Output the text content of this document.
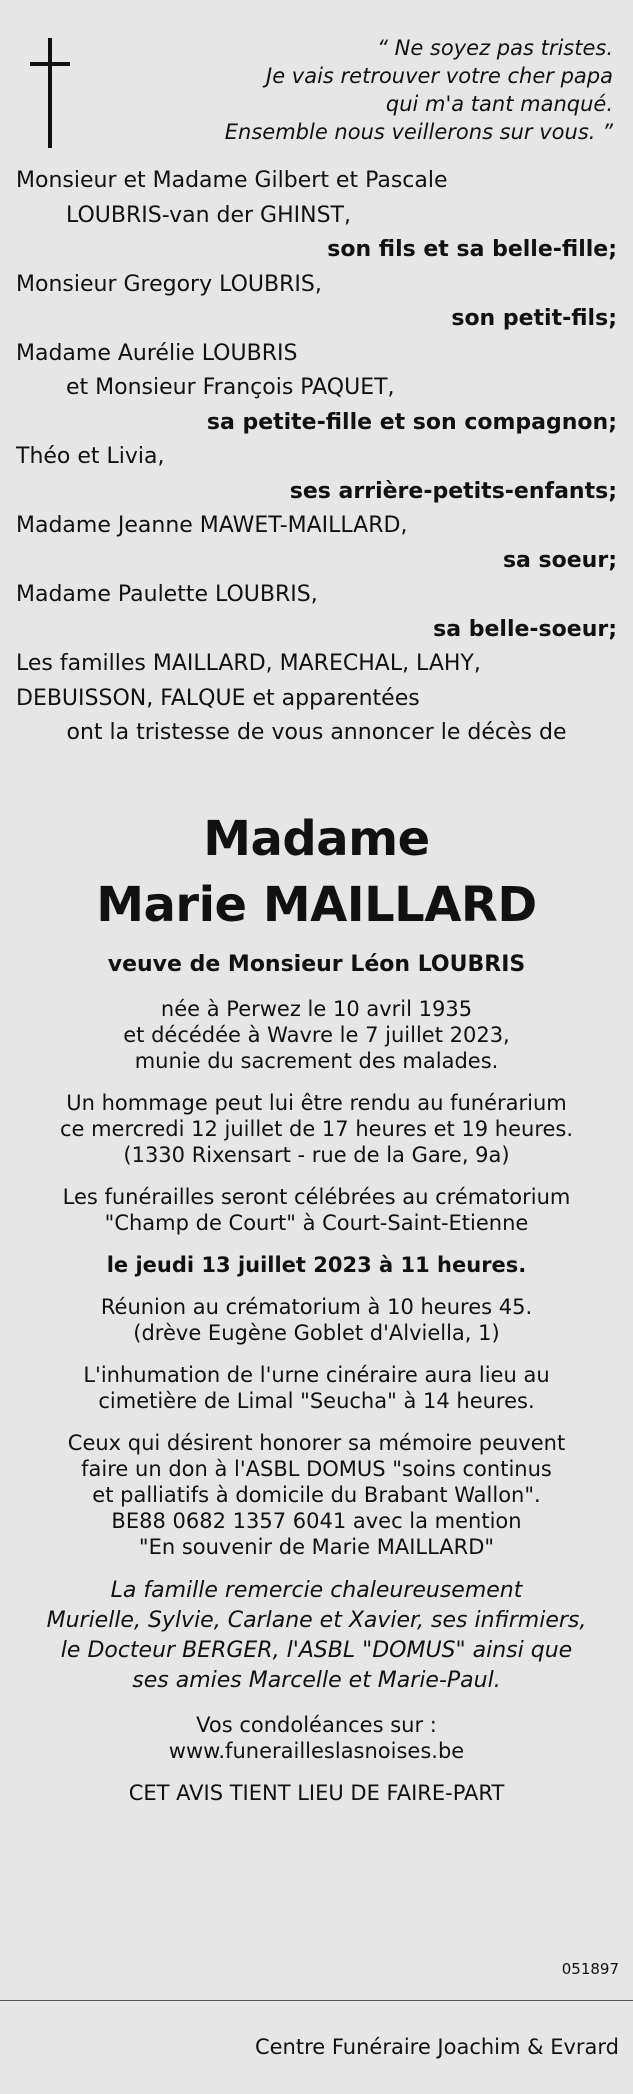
“ Ne soyez pas tristes.
Je vais retrouver votre cher papa
qui m'a tant manqué.
Ensemble nous veillerons sur vous. ”
Monsieur et Madame Gilbert et Pascale
LOUBRIS-van der GHINST,
son fils et sa belle-fille;
Monsieur Gregory LOUBRIS,
son petit-fils;
Madame Aurélie LOUBRIS
et Monsieur François PAQUET,
sa petite-fille et son compagnon;
Théo et Livia,
ses arrière-petits-enfants;
Madame Jeanne MAWET-MAILLARD,
sa soeur;
Madame Paulette LOUBRIS,
sa belle-soeur;
Les familles MAILLARD, MARECHAL, LAHY,
DEBUISSON, FALQUE et apparentées
ont la tristesse de vous annoncer le décès de
Madame
Marie MAILLARD
veuve de Monsieur Léon LOUBRIS

née à Perwez le 10 avril 1935

et décédée à Wavre le 7 juillet 2023,

munie du sacrement des malades.

Un hommage peut lui être rendu au funérarium

ce mercredi 12 juillet de 17 heures et 19 heures.

(1330 Rixensart - rue de la Gare, 9a)

Les funérailles seront célébrées au crématorium

"Champ de Court" à Court-Saint-Etienne

le jeudi 13 juillet 2023 à 11 heures.

Réunion au crématorium à 10 heures 45.

(drève Eugène Goblet d'Alviella, 1)

L'inhumation de l'urne cinéraire aura lieu au

cimetière de Limal "Seucha" à 14 heures.

Ceux qui désirent honorer sa mémoire peuvent

faire un don à l'ASBL DOMUS "soins continus

et palliatifs à domicile du Brabant Wallon".

BE88 0682 1357 6041 avec la mention

"En souvenir de Marie MAILLARD"

La famille remercie chaleureusement

Murielle, Sylvie, Carlane et Xavier, ses infirmiers,

le Docteur BERGER, l'ASBL "DOMUS" ainsi que

ses amies Marcelle et Marie-Paul.

Vos condoléances sur :

www.funerailleslasnoises.be

CET AVIS TIENT LIEU DE FAIRE-PART

051897
Centre Funéraire Joachim & Evrard
